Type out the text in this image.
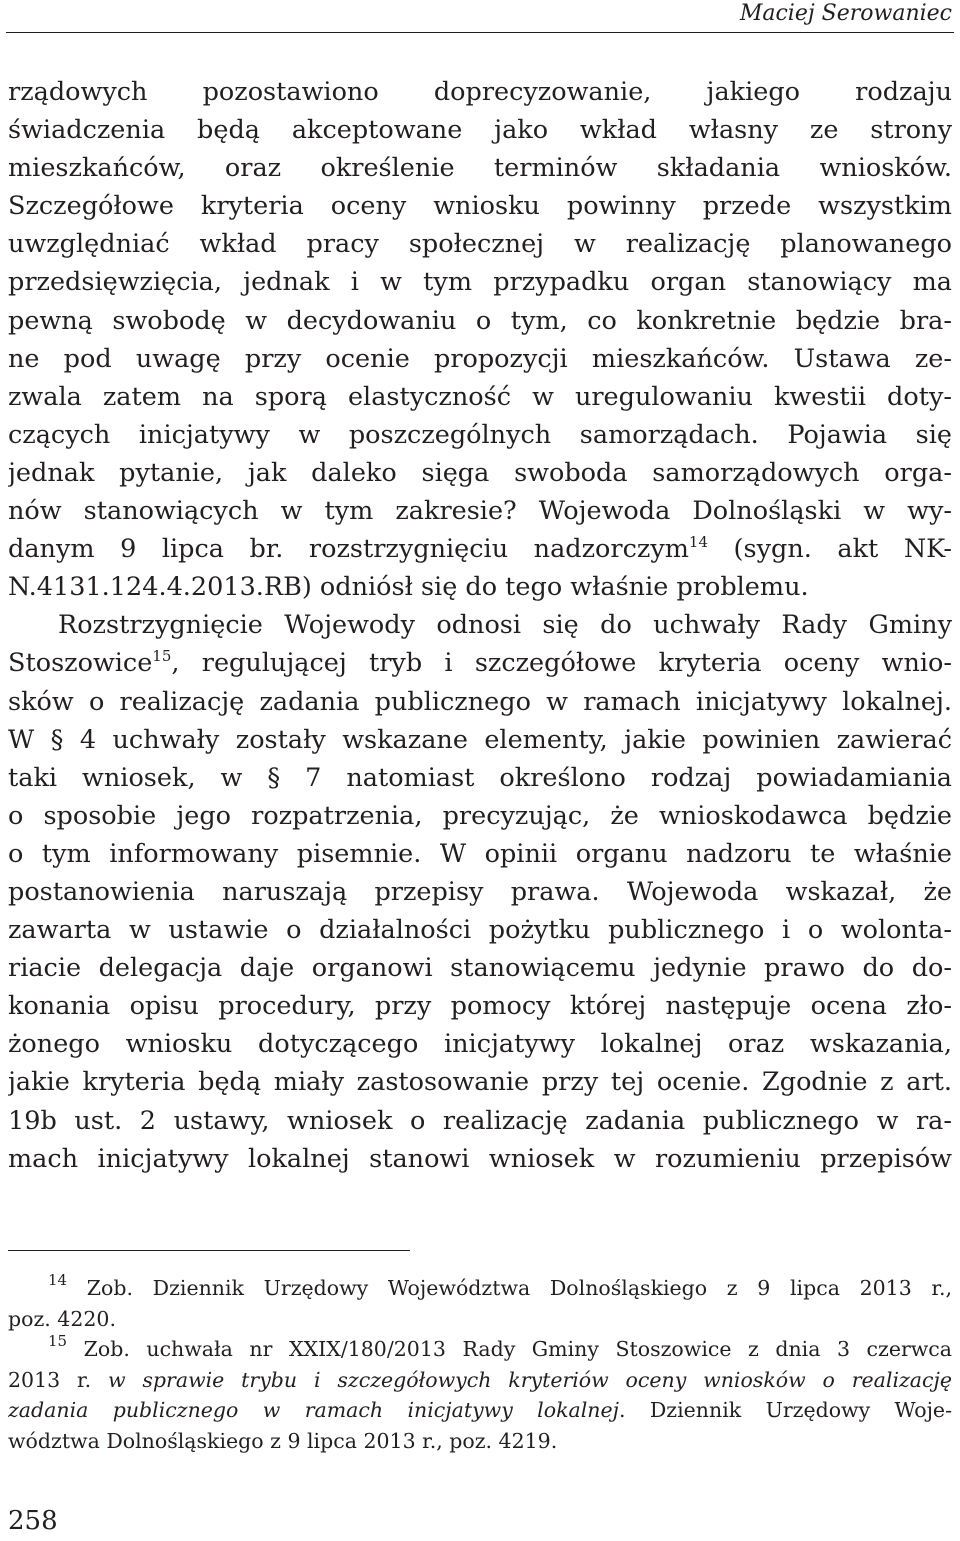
Maciej Serowaniec
rządowych pozostawiono doprecyzowanie, jakiego rodzaju
świadczenia będą akceptowane jako wkład własny ze strony
mieszkańców, oraz określenie terminów składania wniosków.
Szczegółowe kryteria oceny wniosku powinny przede wszystkim
uwzględniać wkład pracy społecznej w realizację planowanego
przedsięwzięcia, jednak i w tym przypadku organ stanowiący ma
pewną swobodę w decydowaniu o tym, co konkretnie będzie bra-
ne pod uwagę przy ocenie propozycji mieszkańców. Ustawa ze-
zwala zatem na sporą elastyczność w uregulowaniu kwestii doty-
czących inicjatywy w poszczególnych samorządach. Pojawia się
jednak pytanie, jak daleko sięga swoboda samorządowych orga-
nów stanowiących w tym zakresie? Wojewoda Dolnośląski w wy-
danym 9 lipca br. rozstrzygnięciu nadzorczym$^{14}$ (sygn. akt NK-
N.4131.124.4.2013.RB) odniósł się do tego właśnie problemu.
Rozstrzygnięcie Wojewody odnosi się do uchwały Rady Gminy
Stoszowice$^{15}$, regulującej tryb i szczegółowe kryteria oceny wnio-
sków o realizację zadania publicznego w ramach inicjatywy lokalnej.
W § 4 uchwały zostały wskazane elementy, jakie powinien zawierać
taki wniosek, w § 7 natomiast określono rodzaj powiadamiania
o sposobie jego rozpatrzenia, precyzując, że wnioskodawca będzie
o tym informowany pisemnie. W opinii organu nadzoru te właśnie
postanowienia naruszają przepisy prawa. Wojewoda wskazał, że
zawarta w ustawie o działalności pożytku publicznego i o wolonta-
riacie delegacja daje organowi stanowiącemu jedynie prawo do do-
konania opisu procedury, przy pomocy której następuje ocena zło-
żonego wniosku dotyczącego inicjatywy lokalnej oraz wskazania,
jakie kryteria będą miały zastosowanie przy tej ocenie. Zgodnie z art.
19b ust. 2 ustawy, wniosek o realizację zadania publicznego w ra-
mach inicjatywy lokalnej stanowi wniosek w rozumieniu przepisów
$^{14}$ Zob. Dziennik Urzędowy Województwa Dolnośląskiego z 9 lipca 2013 r.,
poz. 4220.
$^{15}$ Zob. uchwała nr XXIX/180/2013 Rady Gminy Stoszowice z dnia 3 czerwca
2013 r. w sprawie trybu i szczegółowych kryteriów oceny wniosków o realizację
zadania publicznego w ramach inicjatywy lokalnej. Dziennik Urzędowy Woje-
wództwa Dolnośląskiego z 9 lipca 2013 r., poz. 4219.
258
